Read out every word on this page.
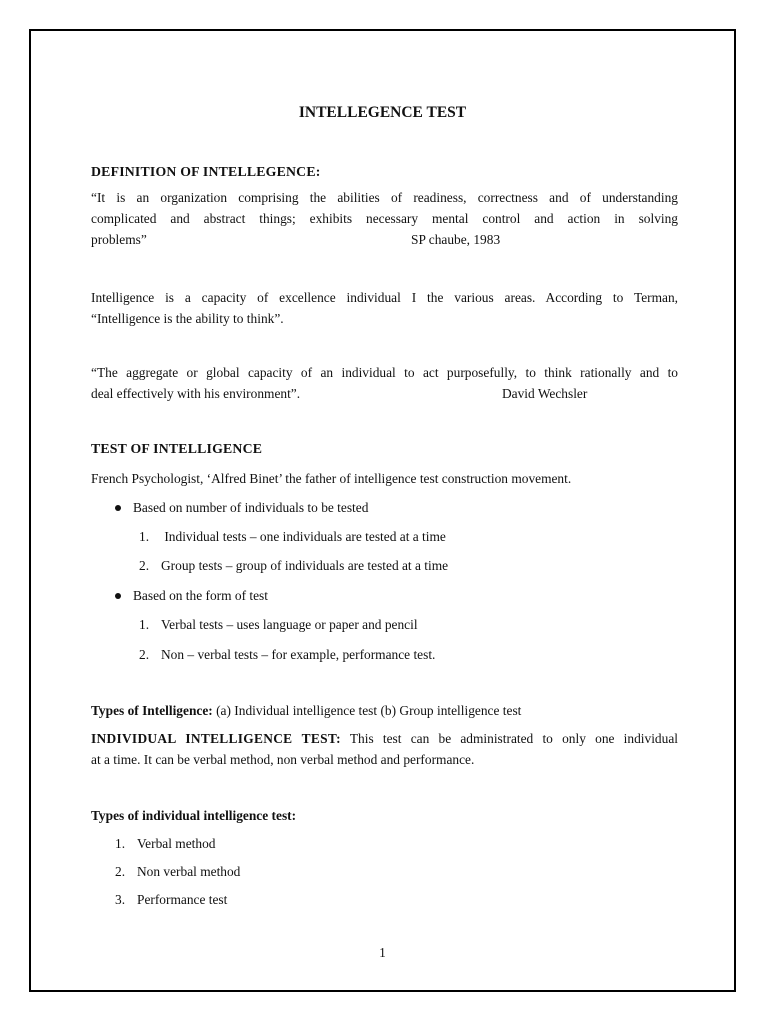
INTELLEGENCE TEST
DEFINITION OF INTELLEGENCE:
“It is an organization comprising the abilities of readiness, correctness and of understanding
complicated and abstract things; exhibits necessary mental control and action in solving
problems”	SP chaube, 1983
Intelligence is a capacity of excellence individual I the various areas. According to Terman,
“Intelligence is the ability to think”.
“The aggregate or global capacity of an individual to act purposefully, to think rationally and to
deal effectively with his environment”.	David Wechsler
TEST OF INTELLIGENCE
French Psychologist, ‘Alfred Binet’ the father of intelligence test construction movement.
Based on number of individuals to be tested
1. Individual tests – one individuals are tested at a time
2. Group tests – group of individuals are tested at a time
Based on the form of test
1. Verbal tests – uses language or paper and pencil
2. Non – verbal tests – for example, performance test.
Types of Intelligence: (a) Individual intelligence test (b) Group intelligence test
INDIVIDUAL INTELLIGENCE TEST: This test can be administrated to only one individual
at a time. It can be verbal method, non verbal method and performance.
Types of individual intelligence test:
1. Verbal method
2. Non verbal method
3. Performance test
1
